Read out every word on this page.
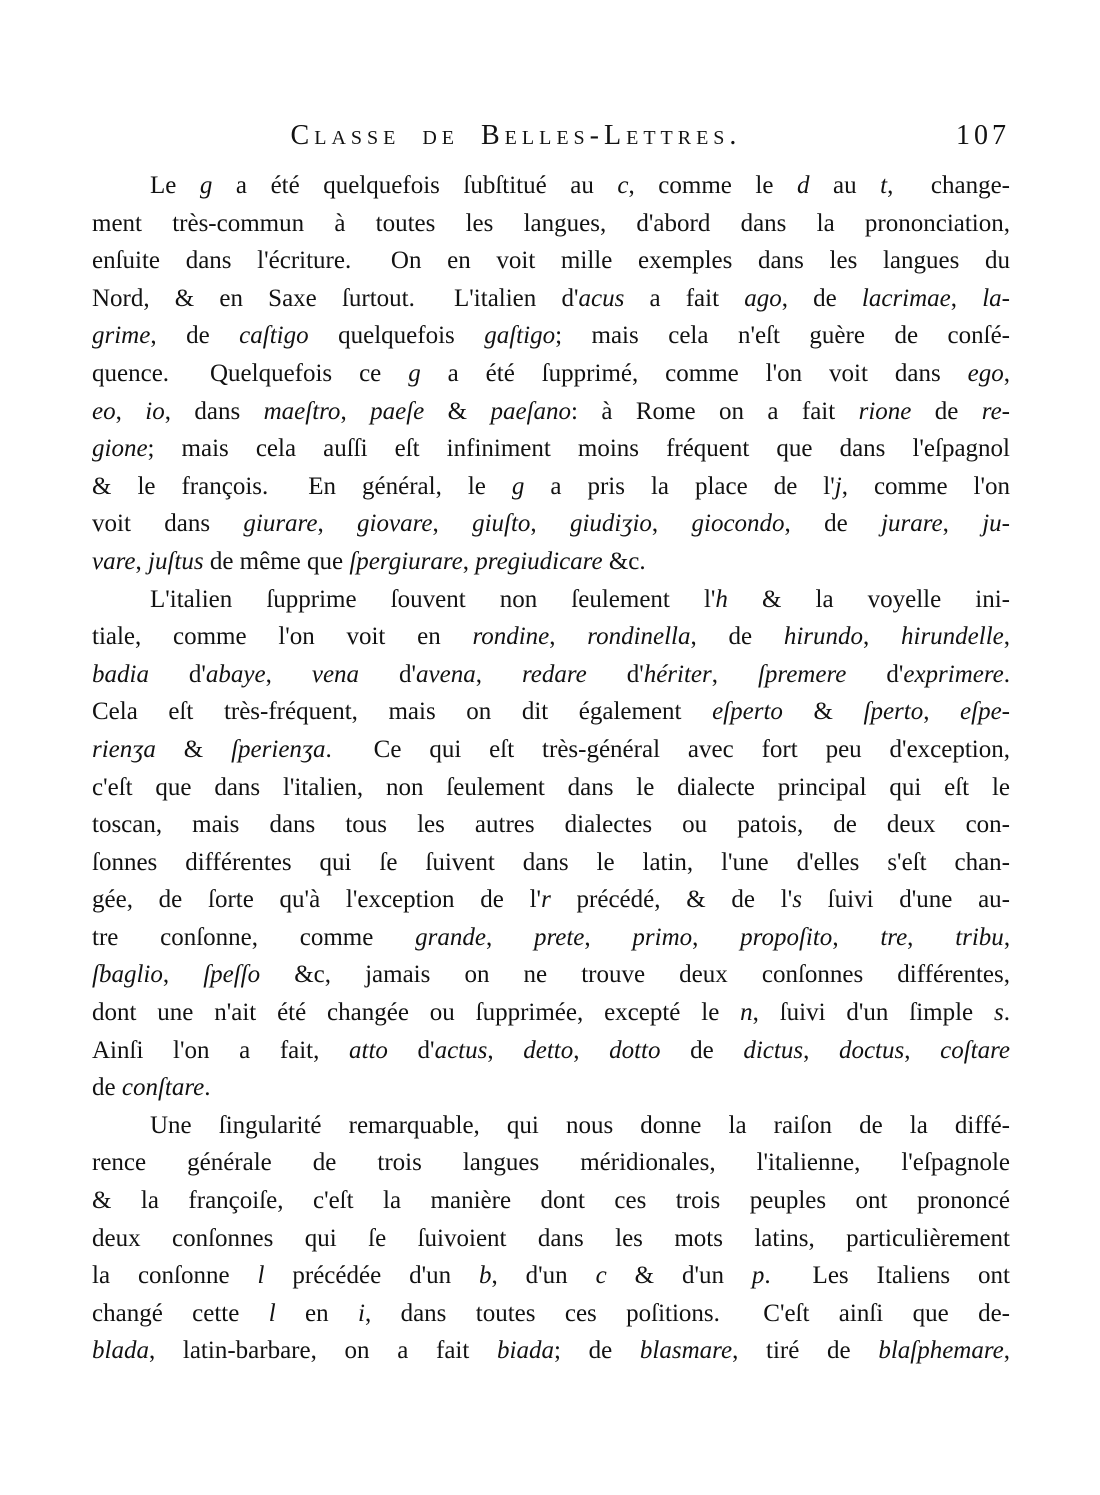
Classe de Belles-Lettres.	107
Le g a été quelquefois ſubſtitué au c, comme le d au t, change-
ment très-commun à toutes les langues, d'abord dans la prononciation,
enſuite dans l'écriture. On en voit mille exemples dans les langues du
Nord, & en Saxe ſurtout. L'italien d'acus a fait ago, de lacrimae, la-
grime, de caſtigo quelquefois gaſtigo; mais cela n'eſt guère de conſé-
quence. Quelquefois ce g a été ſupprimé, comme l'on voit dans ego,
eo, io, dans maeſtro, paeſe & paeſano: à Rome on a fait rione de re-
gione; mais cela auſſi eſt infiniment moins fréquent que dans l'eſpagnol
& le françois. En général, le g a pris la place de l'j, comme l'on
voit dans giurare, giovare, giuſto, giudiʒio, giocondo, de jurare, ju-
vare, juſtus de même que ſpergiurare, pregiudicare &c.
L'italien ſupprime ſouvent non ſeulement l'h & la voyelle ini-
tiale, comme l'on voit en rondine, rondinella, de hirundo, hirundelle,
badia d'abaye, vena d'avena, redare d'hériter, ſpremere d'exprimere.
Cela eſt très-fréquent, mais on dit également eſperto & ſperto, eſpe-
rienʒa & ſperienʒa. Ce qui eſt très-général avec fort peu d'exception,
c'eſt que dans l'italien, non ſeulement dans le dialecte principal qui eſt le
toscan, mais dans tous les autres dialectes ou patois, de deux con-
ſonnes différentes qui ſe ſuivent dans le latin, l'une d'elles s'eſt chan-
gée, de ſorte qu'à l'exception de l'r précédé, & de l's ſuivi d'une au-
tre conſonne, comme grande, prete, primo, propoſito, tre, tribu,
ſbaglio, ſpeſſo &c, jamais on ne trouve deux conſonnes différentes,
dont une n'ait été changée ou ſupprimée, excepté le n, ſuivi d'un ſimple s.
Ainſi l'on a fait, atto d'actus, detto, dotto de dictus, doctus, coſtare
de conſtare.
Une ſingularité remarquable, qui nous donne la raiſon de la diffé-
rence générale de trois langues méridionales, l'italienne, l'eſpagnole
& la françoiſe, c'eſt la manière dont ces trois peuples ont prononcé
deux conſonnes qui ſe ſuivoient dans les mots latins, particulièrement
la conſonne l précédée d'un b, d'un c & d'un p. Les Italiens ont
changé cette l en i, dans toutes ces poſitions. C'eſt ainſi que de-
blada, latin-barbare, on a fait biada; de blasmare, tiré de blaſphemare,
